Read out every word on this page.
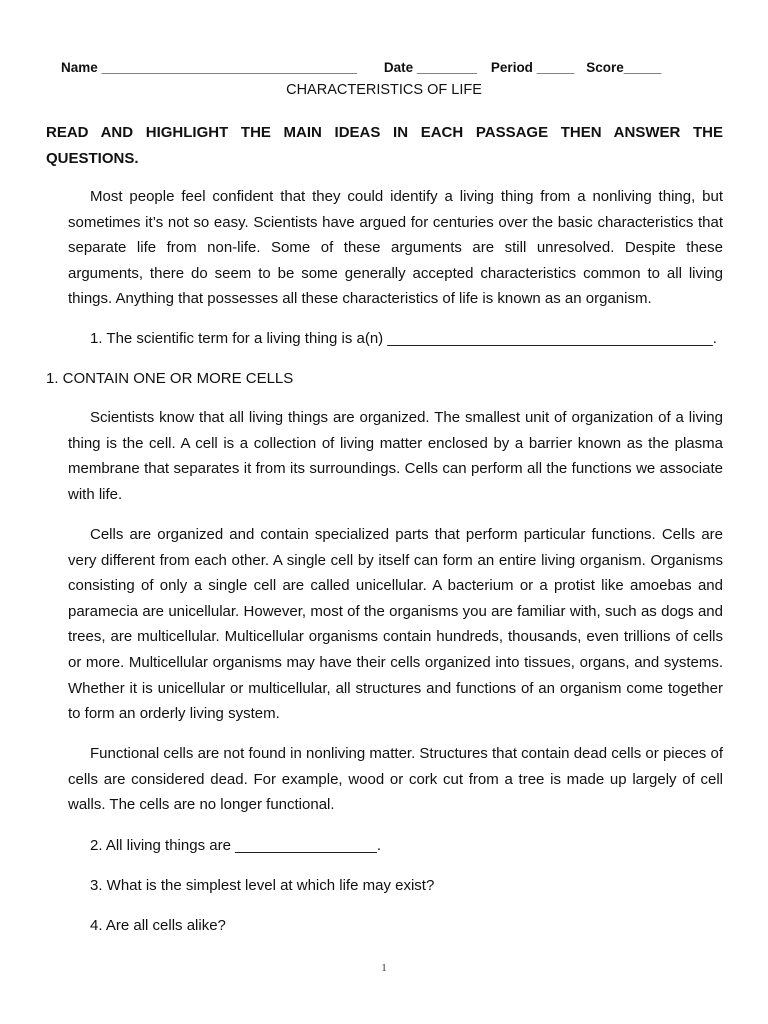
Name __________________________________ Date ________ Period _____ Score_____

CHARACTERISTICS OF LIFE
READ AND HIGHLIGHT THE MAIN IDEAS IN EACH PASSAGE THEN ANSWER THE QUESTIONS.

Most people feel confident that they could identify a living thing from a nonliving thing, but sometimes it’s not so easy. Scientists have argued for centuries over the basic characteristics that separate life from non-life. Some of these arguments are still unresolved. Despite these arguments, there do seem to be some generally accepted characteristics common to all living things. Anything that possesses all these characteristics of life is known as an organism.

1. The scientific term for a living thing is a(n) _______________________________________.
1. CONTAIN ONE OR MORE CELLS

Scientists know that all living things are organized. The smallest unit of organization of a living thing is the cell. A cell is a collection of living matter enclosed by a barrier known as the plasma membrane that separates it from its surroundings. Cells can perform all the functions we associate with life.

Cells are organized and contain specialized parts that perform particular functions. Cells are very different from each other. A single cell by itself can form an entire living organism. Organisms consisting of only a single cell are called unicellular. A bacterium or a protist like amoebas and paramecia are unicellular. However, most of the organisms you are familiar with, such as dogs and trees, are multicellular. Multicellular organisms contain hundreds, thousands, even trillions of cells or more. Multicellular organisms may have their cells organized into tissues, organs, and systems. Whether it is unicellular or multicellular, all structures and functions of an organism come together to form an orderly living system.

Functional cells are not found in nonliving matter. Structures that contain dead cells or pieces of cells are considered dead. For example, wood or cork cut from a tree is made up largely of cell walls. The cells are no longer functional.

2. All living things are _________________.
3. What is the simplest level at which life may exist?
4. Are all cells alike?
1
